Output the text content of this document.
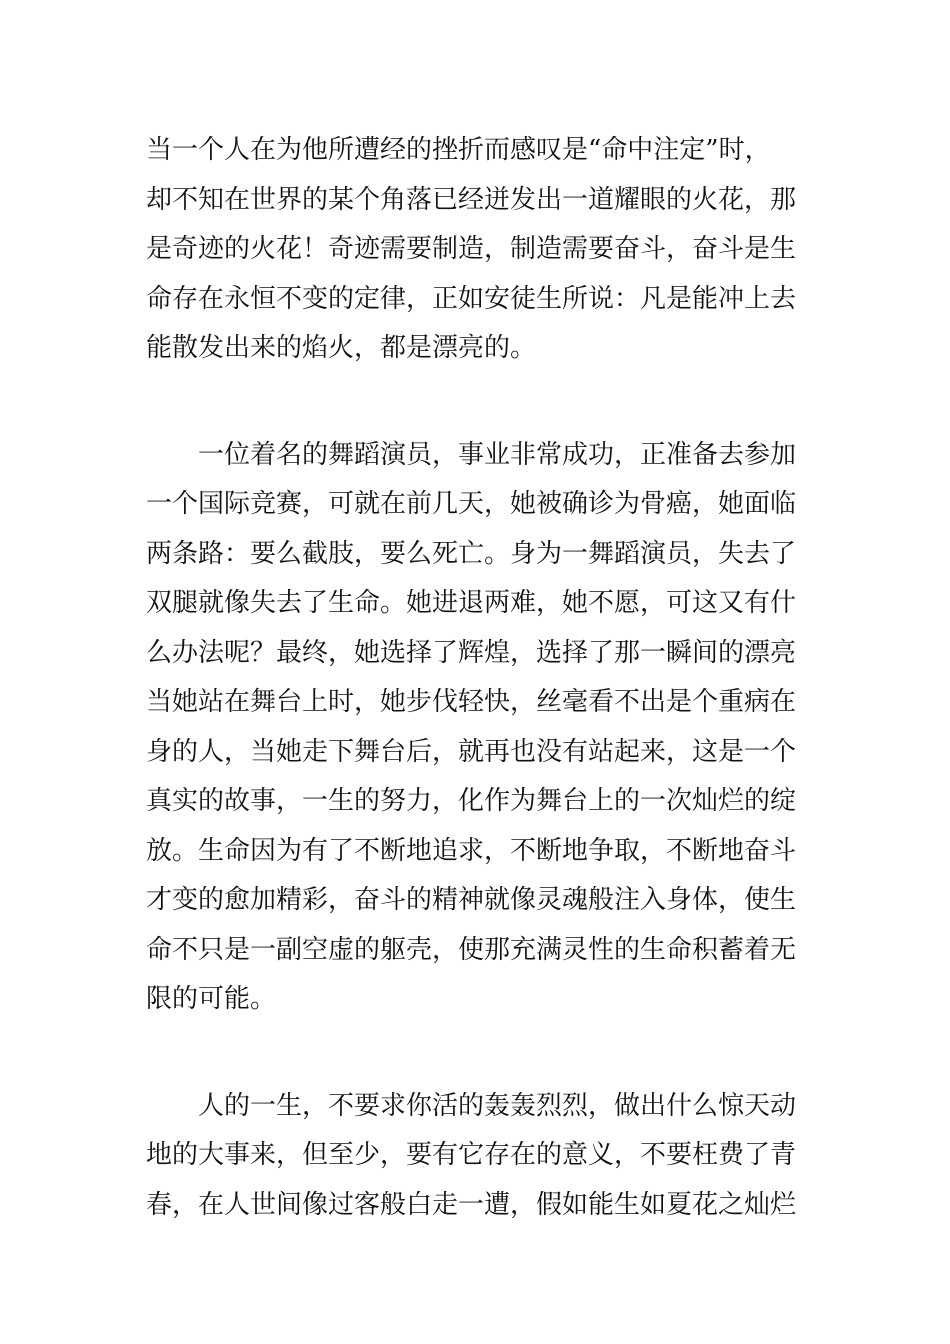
当一个人在为他所遭经的挫折而感叹是“命中注定”时，
却不知在世界的某个角落已经迸发出一道耀眼的火花，那
是奇迹的火花！奇迹需要制造，制造需要奋斗，奋斗是生
命存在永恒不变的定律，正如安徒生所说：凡是能冲上去
能散发出来的焰火，都是漂亮的。
　　一位着名的舞蹈演员，事业非常成功，正准备去参加
一个国际竞赛，可就在前几天，她被确诊为骨癌，她面临
两条路：要么截肢，要么死亡。身为一舞蹈演员，失去了
双腿就像失去了生命。她进退两难，她不愿，可这又有什
么办法呢？最终，她选择了辉煌，选择了那一瞬间的漂亮
当她站在舞台上时，她步伐轻快，丝毫看不出是个重病在
身的人，当她走下舞台后，就再也没有站起来，这是一个
真实的故事，一生的努力，化作为舞台上的一次灿烂的绽
放。生命因为有了不断地追求，不断地争取，不断地奋斗
才变的愈加精彩，奋斗的精神就像灵魂般注入身体，使生
命不只是一副空虚的躯壳，使那充满灵性的生命积蓄着无
限的可能。
　　人的一生，不要求你活的轰轰烈烈，做出什么惊天动
地的大事来，但至少，要有它存在的意义，不要枉费了青
春，在人世间像过客般白走一遭，假如能生如夏花之灿烂
